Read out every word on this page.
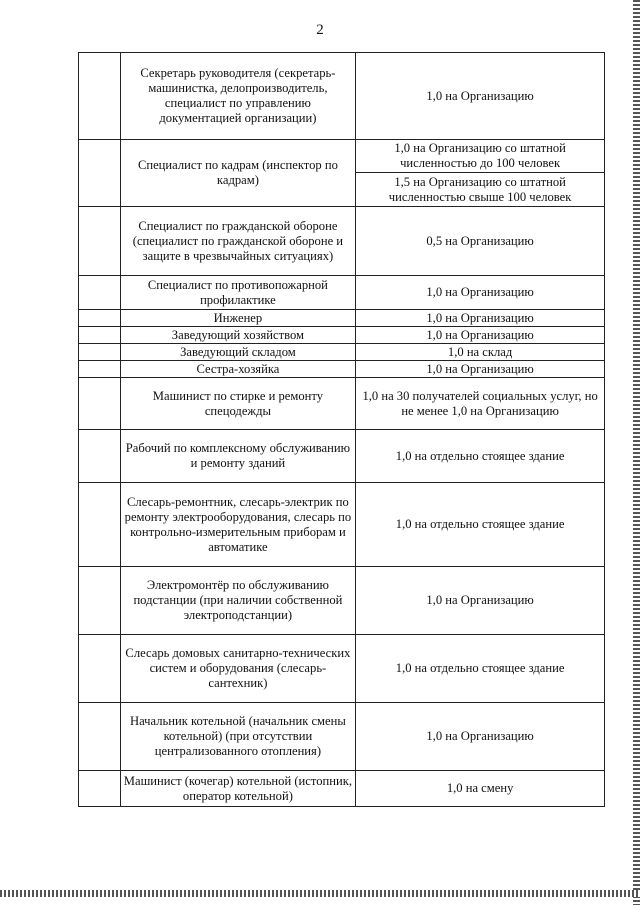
2
	Секретарь руководителя (секретарь-машинистка, делопроизводитель, специалист по управлению документацией организации)	1,0 на Организацию
	Специалист по кадрам (инспектор по кадрам)	1,0 на Организацию со штатной численностью до 100 человек
		1,5 на Организацию со штатной численностью свыше 100 человек
	Специалист по гражданской обороне (специалист по гражданской обороне и защите в чрезвычайных ситуациях)	0,5 на Организацию
	Специалист по противопожарной профилактике	1,0 на Организацию
	Инженер	1,0 на Организацию
	Заведующий хозяйством	1,0 на Организацию
	Заведующий складом	1,0 на склад
	Сестра-хозяйка	1,0 на Организацию
	Машинист по стирке и ремонту спецодежды	1,0 на 30 получателей социальных услуг, но не менее 1,0 на Организацию
	Рабочий по комплексному обслуживанию и ремонту зданий	1,0 на отдельно стоящее здание
	Слесарь-ремонтник, слесарь-электрик по ремонту электрооборудования, слесарь по контрольно-измерительным приборам и автоматике	1,0 на отдельно стоящее здание
	Электромонтёр по обслуживанию подстанции (при наличии собственной электроподстанции)	1,0 на Организацию
	Слесарь домовых санитарно-технических систем и оборудования (слесарь-сантехник)	1,0 на отдельно стоящее здание
	Начальник котельной (начальник смены котельной) (при отсутствии централизованного отопления)	1,0 на Организацию
	Машинист (кочегар) котельной (истопник, оператор котельной)	1,0 на смену
